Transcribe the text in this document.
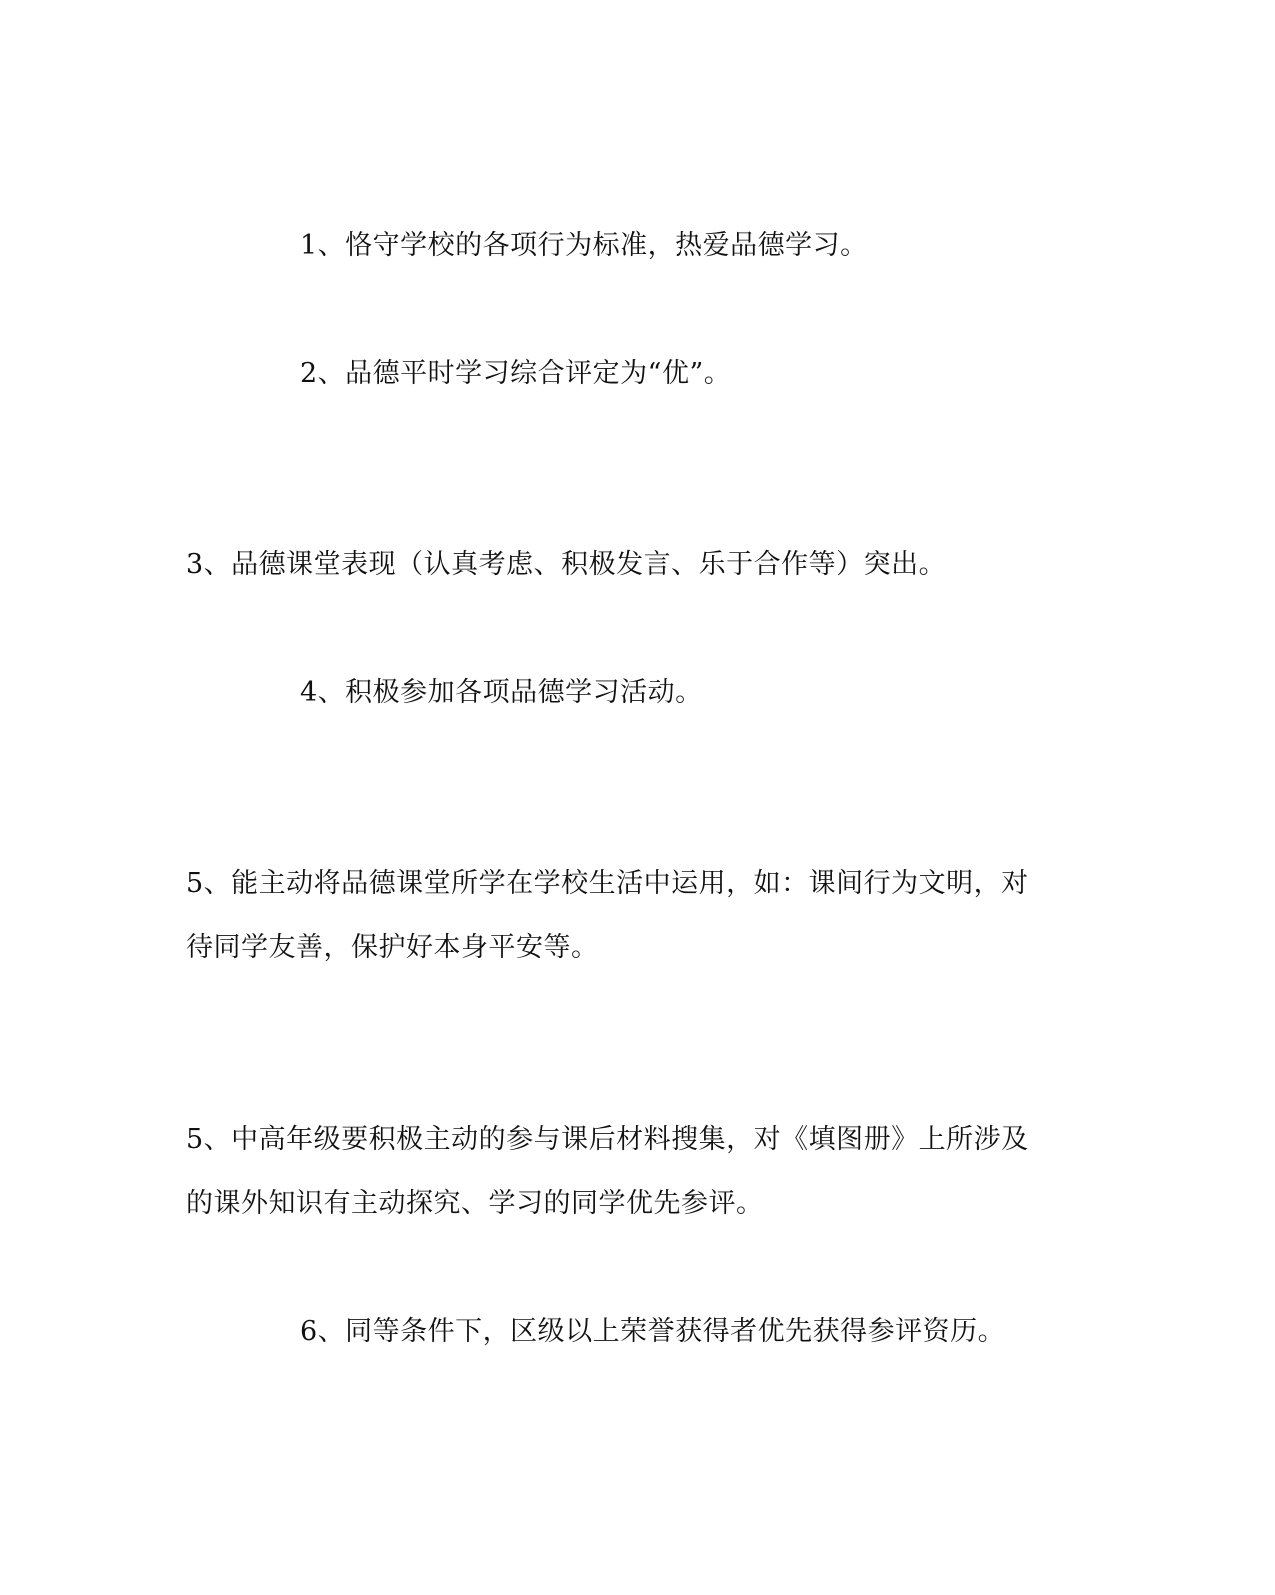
1、恪守学校的各项行为标准，热爱品德学习。
2、品德平时学习综合评定为“优”。
3、品德课堂表现（认真考虑、积极发言、乐于合作等）突出。
4、积极参加各项品德学习活动。
5、能主动将品德课堂所学在学校生活中运用，如：课间行为文明，对
待同学友善，保护好本身平安等。
5、中高年级要积极主动的参与课后材料搜集，对《填图册》上所涉及
的课外知识有主动探究、学习的同学优先参评。
6、同等条件下，区级以上荣誉获得者优先获得参评资历。
